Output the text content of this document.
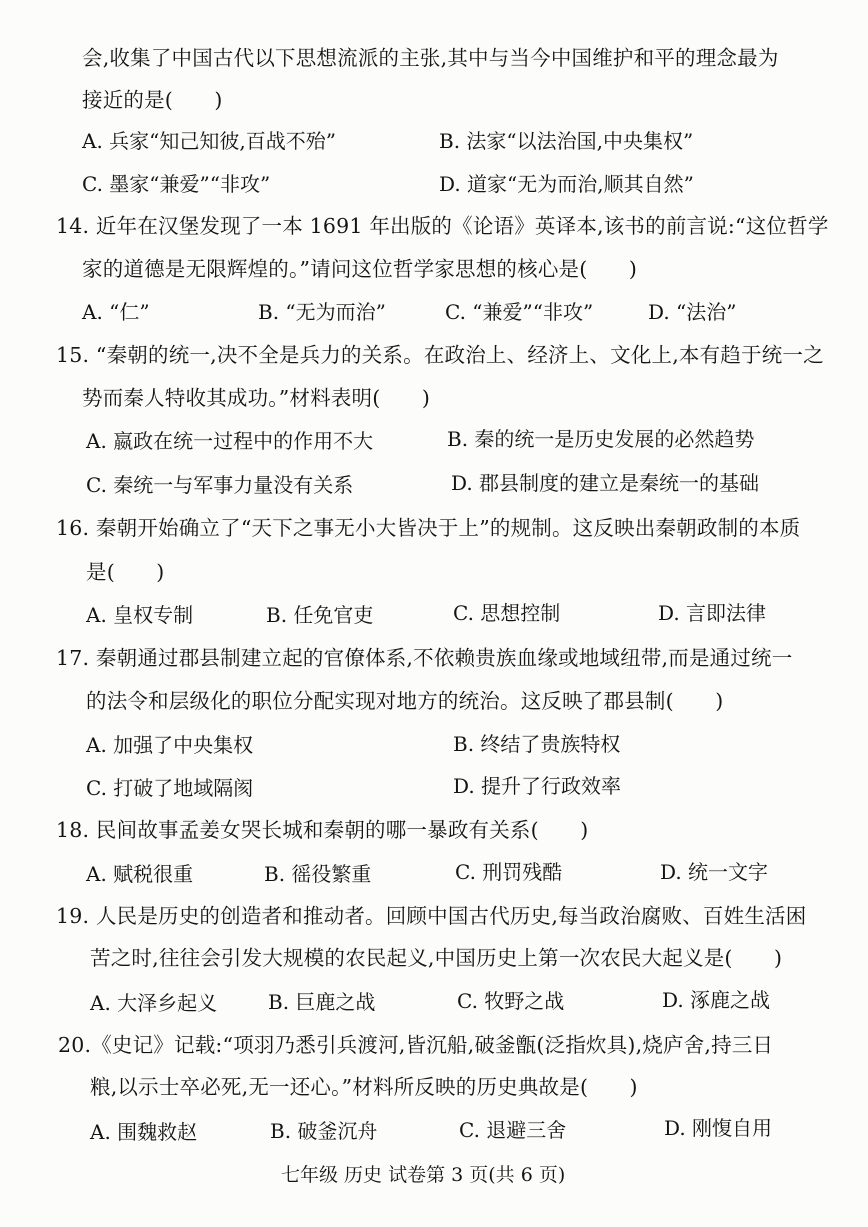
会,收集了中国古代以下思想流派的主张,其中与当今中国维护和平的理念最为
接近的是(　　)
A. 兵家“知己知彼,百战不殆”	B. 法家“以法治国,中央集权”
C. 墨家“兼爱”“非攻”	D. 道家“无为而治,顺其自然”
14. 近年在汉堡发现了一本 1691 年出版的《论语》英译本,该书的前言说:“这位哲学
家的道德是无限辉煌的。”请问这位哲学家思想的核心是(　　)
A. “仁”	B. “无为而治”	C. “兼爱”“非攻”	D. “法治”
15. “秦朝的统一,决不全是兵力的关系。在政治上、经济上、文化上,本有趋于统一之
势而秦人特收其成功。”材料表明(　　)
A. 嬴政在统一过程中的作用不大	B. 秦的统一是历史发展的必然趋势
C. 秦统一与军事力量没有关系	D. 郡县制度的建立是秦统一的基础
16. 秦朝开始确立了“天下之事无小大皆决于上”的规制。这反映出秦朝政制的本质
是(　　)
A. 皇权专制	B. 任免官吏	C. 思想控制	D. 言即法律
17. 秦朝通过郡县制建立起的官僚体系,不依赖贵族血缘或地域纽带,而是通过统一
的法令和层级化的职位分配实现对地方的统治。这反映了郡县制(　　)
A. 加强了中央集权	B. 终结了贵族特权
C. 打破了地域隔阂	D. 提升了行政效率
18. 民间故事孟姜女哭长城和秦朝的哪一暴政有关系(　　)
A. 赋税很重	B. 徭役繁重	C. 刑罚残酷	D. 统一文字
19. 人民是历史的创造者和推动者。回顾中国古代历史,每当政治腐败、百姓生活困
苦之时,往往会引发大规模的农民起义,中国历史上第一次农民大起义是(　　)
A. 大泽乡起义	B. 巨鹿之战	C. 牧野之战	D. 涿鹿之战
20.《史记》记载:“项羽乃悉引兵渡河,皆沉船,破釜甑(泛指炊具),烧庐舍,持三日
粮,以示士卒必死,无一还心。”材料所反映的历史典故是(　　)
A. 围魏救赵	B. 破釜沉舟	C. 退避三舍	D. 刚愎自用
七年级 历史 试卷第 3 页(共 6 页)
